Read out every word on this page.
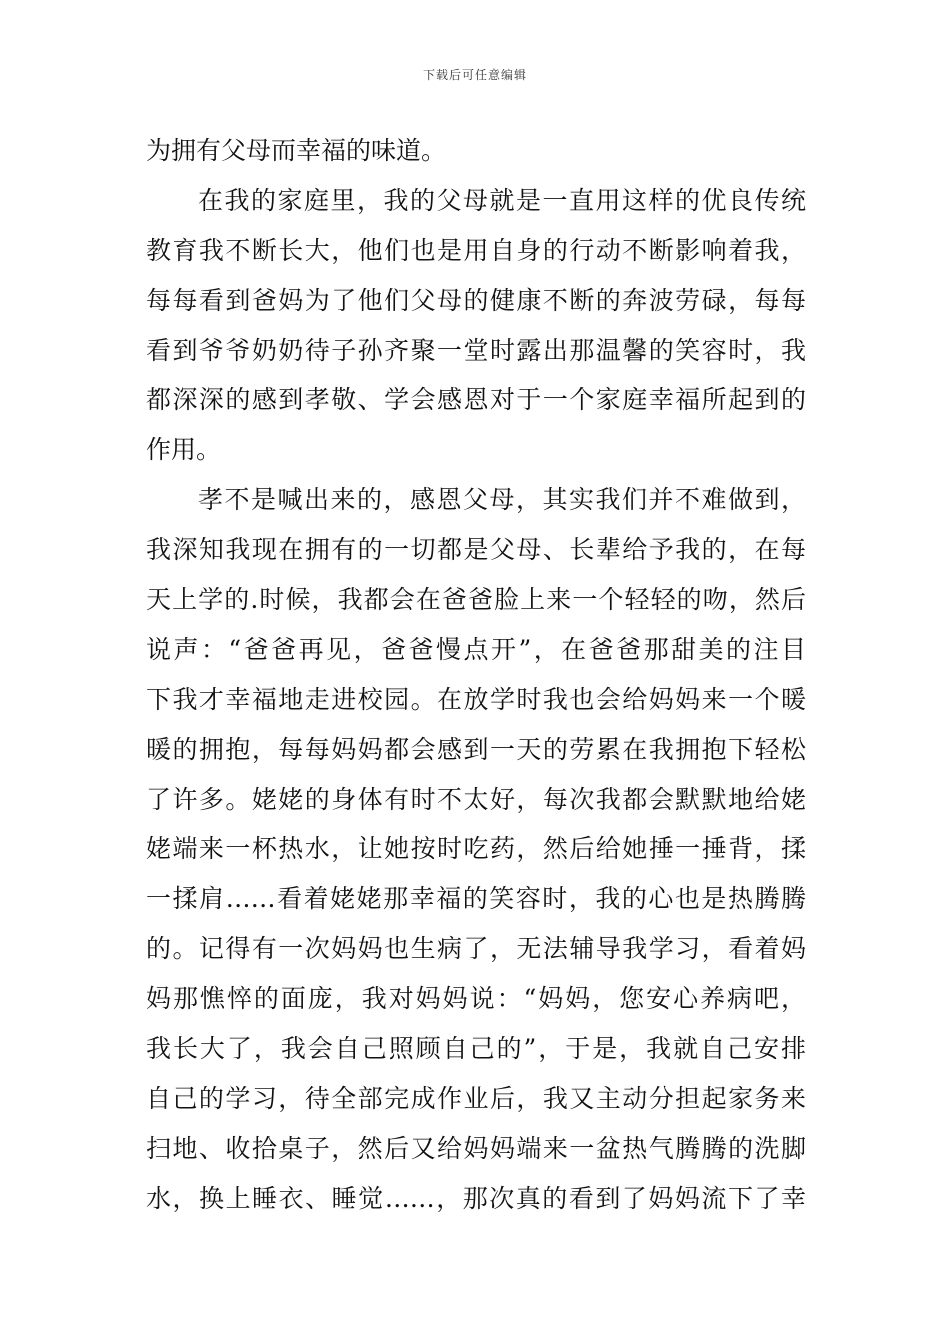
下载后可任意编辑
为拥有父母而幸福的味道。
在我的家庭里，我的父母就是一直用这样的优良传统
教育我不断长大，他们也是用自身的行动不断影响着我，
每每看到爸妈为了他们父母的健康不断的奔波劳碌，每每
看到爷爷奶奶待子孙齐聚一堂时露出那温馨的笑容时，我
都深深的感到孝敬、学会感恩对于一个家庭幸福所起到的
作用。
孝不是喊出来的，感恩父母，其实我们并不难做到，
我深知我现在拥有的一切都是父母、长辈给予我的，在每
天上学的.时候，我都会在爸爸脸上来一个轻轻的吻，然后
说声：“爸爸再见，爸爸慢点开”，在爸爸那甜美的注目
下我才幸福地走进校园。在放学时我也会给妈妈来一个暖
暖的拥抱，每每妈妈都会感到一天的劳累在我拥抱下轻松
了许多。姥姥的身体有时不太好，每次我都会默默地给姥
姥端来一杯热水，让她按时吃药，然后给她捶一捶背，揉
一揉肩……看着姥姥那幸福的笑容时，我的心也是热腾腾
的。记得有一次妈妈也生病了，无法辅导我学习，看着妈
妈那憔悴的面庞，我对妈妈说：“妈妈，您安心养病吧，
我长大了，我会自己照顾自己的”，于是，我就自己安排
自己的学习，待全部完成作业后，我又主动分担起家务来
扫地、收拾桌子，然后又给妈妈端来一盆热气腾腾的洗脚
水，换上睡衣、睡觉……，那次真的看到了妈妈流下了幸
